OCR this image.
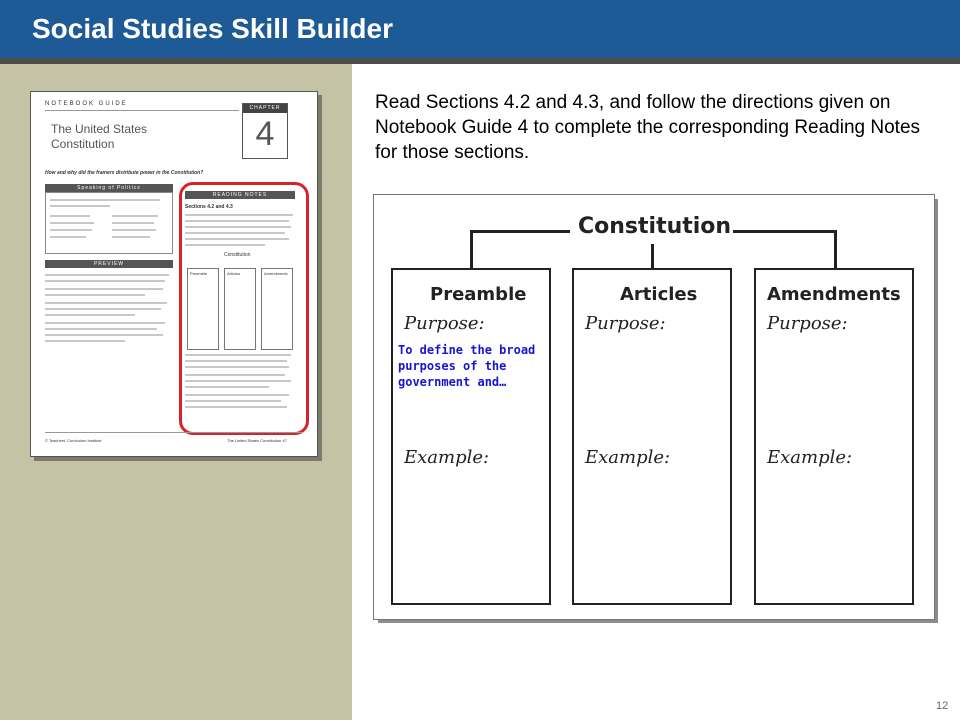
Social Studies Skill Builder
NOTEBOOK GUIDE
CHAPTER
4
The United States
Constitution
How and why did the framers distribute power in the Constitution?
Speaking of Politics
PREVIEW
READING NOTES
Sections 4.2 and 4.3
Constitution
Preamble	Articles	Amendments
© Teachers' Curriculum Institute	The United States Constitution 47
Read Sections 4.2 and 4.3, and follow the directions given on Notebook Guide 4 to complete the corresponding Reading Notes for those sections.
Constitution
Preamble	Articles	Amendments
Purpose:	Purpose:	Purpose:
To define the broad purposes of the government and…
Example:	Example:	Example:
12
